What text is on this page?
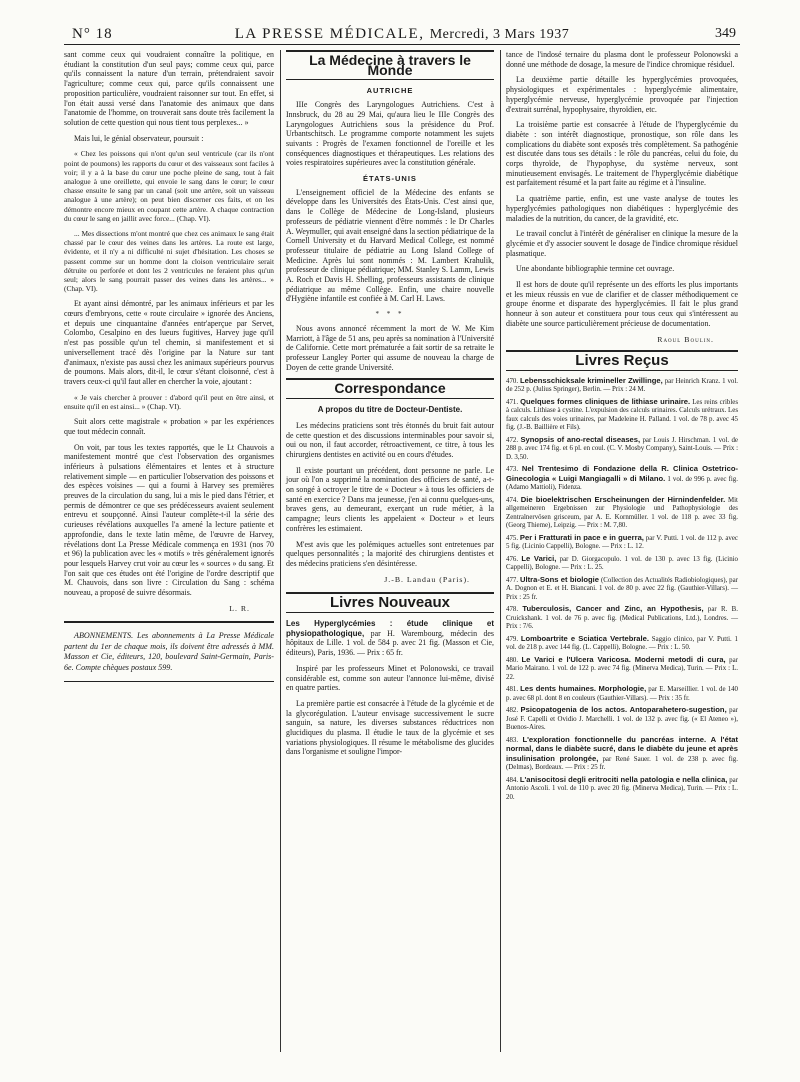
N° 18	LA PRESSE MÉDICALE, Mercredi, 3 Mars 1937	349

sant comme ceux qui voudraient connaître la politique, en étudiant la constitution d'un seul pays; comme ceux qui, parce qu'ils connaissent la nature d'un terrain, prétendraient savoir l'agriculture; comme ceux qui, parce qu'ils connaissent une proposition particulière, voudraient raisonner sur tout. En effet, si l'on était aussi versé dans l'anatomie des animaux que dans l'anatomie de l'homme, on trouverait sans doute très facilement la solution de cette question qui nous tient tous perplexes... »

Mais lui, le génial observateur, poursuit :

« Chez les poissons qui n'ont qu'un seul ventricule (car ils n'ont point de poumons) les rapports du cœur et des vaisseaux sont faciles à voir; il y a à la base du cœur une poche pleine de sang, tout à fait analogue à une oreillette, qui envoie le sang dans le cœur; le cœur chasse ensuite le sang par un canal (soit une artère, soit un vaisseau analogue à une artère); on peut bien discerner ces faits, et on les démontre encore mieux en coupant cette artère. A chaque contraction du cœur le sang en jaillit avec force... (Chap. VI).

... Mes dissections m'ont montré que chez ces animaux le sang était chassé par le cœur des veines dans les artères. La route est large, évidente, et il n'y a ni difficulté ni sujet d'hésitation. Les choses se passent comme sur un homme dont la cloison ventriculaire serait détruite ou perforée et dont les 2 ventricules ne feraient plus qu'un seul; alors le sang pourrait passer des veines dans les artères... » (Chap. VI).

Et ayant ainsi démontré, par les animaux inférieurs et par les cœurs d'embryons, cette « route circulaire » ignorée des Anciens, et depuis une cinquantaine d'années entr'aperçue par Servet, Colombo, Cesalpino en des lueurs fugitives, Harvey juge qu'il n'est pas possible qu'un tel chemin, si manifestement et si universellement tracé dès l'origine par la Nature sur tant d'animaux, n'existe pas aussi chez les animaux supérieurs pourvus de poumons. Mais alors, dit-il, le cœur s'étant cloisonné, c'est à travers ceux-ci qu'il faut aller en chercher la voie, ajoutant :

« Je vais chercher à prouver : d'abord qu'il peut en être ainsi, et ensuite qu'il en est ainsi... » (Chap. VI).

Suit alors cette magistrale « probation » par les expériences que tout médecin connaît.

On voit, par tous les textes rapportés, que le Lt Chauvois a manifestement montré que c'est l'observation des organismes inférieurs à pulsations élémentaires et lentes et à structure relativement simple — en particulier l'observation des poissons et des espèces voisines — qui a fourni à Harvey ses premières preuves de la circulation du sang, lui a mis le pied dans l'étrier, et permis de démontrer ce que ses prédécesseurs avaient seulement entrevu et soupçonné. Ainsi l'auteur complète-t-il la série des curieuses révélations auxquelles l'a amené la lecture patiente et approfondie, dans le texte latin même, de l'œuvre de Harvey, révélations dont La Presse Médicale commença en 1931 (nos 70 et 96) la publication avec les « motifs » très généralement ignorés pour lesquels Harvey crut voir au cœur les « sources » du sang. Et l'on sait que ces études ont été l'origine de l'ordre descriptif que M. Chauvois, dans son livre : Circulation du Sang : schéma nouveau, a proposé de suivre désormais.

L. R.

ABONNEMENTS. Les abonnements à La Presse Médicale partent du 1er de chaque mois, ils doivent être adressés à MM. Masson et Cie, éditeurs, 120, boulevard Saint-Germain, Paris-6e. Compte chèques postaux 599.

La Médecine à travers le Monde
AUTRICHE

IIIe Congrès des Laryngologues Autrichiens. C'est à Innsbruck, du 28 au 29 Mai, qu'aura lieu le IIIe Congrès des Laryngologues Autrichiens sous la présidence du Prof. Urbantschitsch. Le programme comporte notamment les sujets suivants : Progrès de l'examen fonctionnel de l'oreille et les conséquences diagnostiques et thérapeutiques. Les relations des voies respiratoires supérieures avec la constitution générale.

ÉTATS-UNIS

L'enseignement officiel de la Médecine des enfants se développe dans les Universités des États-Unis. C'est ainsi que, dans le Collège de Médecine de Long-Island, plusieurs professeurs de pédiatrie viennent d'être nommés : le Dr Charles A. Weymuller, qui avait enseigné dans la section pédiatrique de la Cornell University et du Harvard Medical College, est nommé professeur titulaire de pédiatrie au Long Island College of Medicine. Après lui sont nommés : M. Lambert Krahulik, professeur de clinique pédiatrique; MM. Stanley S. Lamm, Lewis A. Roch et Davis H. Shelling, professeurs assistants de clinique pédiatrique au même Collège. Enfin, une chaire nouvelle d'Hygiène infantile est confiée à M. Carl H. Laws.

* * *

Nous avons annoncé récemment la mort de W. Me Kim Marriott, à l'âge de 51 ans, peu après sa nomination à l'Université de Californie. Cette mort prématurée a fait sortir de sa retraite le professeur Langley Porter qui assume de nouveau la charge de Doyen de cette grande Université.

Correspondance
A propos du titre de Docteur-Dentiste.

Les médecins praticiens sont très étonnés du bruit fait autour de cette question et des discussions interminables pour savoir si, oui ou non, il faut accorder, rétroactivement, ce titre, à tous les chirurgiens dentistes en activité ou en cours d'études.

Il existe pourtant un précédent, dont personne ne parle. Le jour où l'on a supprimé la nomination des officiers de santé, a-t-on songé à octroyer le titre de « Docteur » à tous les officiers de santé en exercice ? Dans ma jeunesse, j'en ai connu quelques-uns, braves gens, au demeurant, exerçant un rude métier, à la campagne; leurs clients les appelaient « Docteur » et leurs confrères les estimaient.

M'est avis que les polémiques actuelles sont entretenues par quelques personnalités ; la majorité des chirurgiens dentistes et des médecins praticiens s'en désintéresse.

J.-B. Landau (Paris).
Livres Nouveaux

Les Hyperglycémies : étude clinique et physiopathologique, par H. Warembourg, médecin des hôpitaux de Lille. 1 vol. de 584 p. avec 21 fig. (Masson et Cie, éditeurs), Paris, 1936. — Prix : 65 fr.

Inspiré par les professeurs Minet et Polonowski, ce travail considérable est, comme son auteur l'annonce lui-même, divisé en quatre parties.

La première partie est consacrée à l'étude de la glycémie et de la glycorégulation. L'auteur envisage successivement le sucre sanguin, sa nature, les diverses substances réductrices non glucidiques du plasma. Il étudie le taux de la glycémie et ses variations physiologiques. Il résume le métabolisme des glucides dans l'organisme et souligne l'impor-

tance de l'indosé ternaire du plasma dont le professeur Polonowski a donné une méthode de dosage, la mesure de l'indice chromique résiduel.

La deuxième partie détaille les hyperglycémies provoquées, physiologiques et expérimentales : hyperglycémie alimentaire, hyperglycémie nerveuse, hyperglycémie provoquée par l'injection d'extrait surrénal, hypophysaire, thyroïdien, etc.

La troisième partie est consacrée à l'étude de l'hyperglycémie du diabète : son intérêt diagnostique, pronostique, son rôle dans les complications du diabète sont exposés très complètement. Sa pathogénie est discutée dans tous ses détails : le rôle du pancréas, celui du foie, du corps thyroïde, de l'hypophyse, du système nerveux, sont minutieusement envisagés. Le traitement de l'hyperglycémie diabétique est parfaitement résumé et la part faite au régime et à l'insuline.

La quatrième partie, enfin, est une vaste analyse de toutes les hyperglycémies pathologiques non diabétiques : hyperglycémie des maladies de la nutrition, du cancer, de la gravidité, etc.

Le travail conclut à l'intérêt de généraliser en clinique la mesure de la glycémie et d'y associer souvent le dosage de l'indice chromique résiduel plasmatique.

Une abondante bibliographie termine cet ouvrage.

Il est hors de doute qu'il représente un des efforts les plus importants et les mieux réussis en vue de clarifier et de classer méthodiquement ce groupe énorme et disparate des hyperglycémies. Il fait le plus grand honneur à son auteur et constituera pour tous ceux qui s'intéressent au diabète une source particulièrement précieuse de documentation.

Raoul Boulin.
Livres Reçus
470. Lebensschicksale krimineller Zwillinge, par Heinrich Kranz. 1 vol. de 252 p. (Julius Springer), Berlin. — Prix : 24 M.
471. Quelques formes cliniques de lithiase urinaire. Les reins cribles à calculs. Lithiase à cystine. L'expulsion des calculs urinaires. Calculs urétraux. Les faux calculs des voies urinaires, par Madeleine H. Palland. 1 vol. de 78 p. avec 45 fig. (J.-B. Baillière et Fils).
472. Synopsis of ano-rectal diseases, par Louis J. Hirschman. 1 vol. de 288 p. avec 174 fig. et 6 pl. en coul. (C. V. Mosby Company), Saint-Louis. — Prix : D. 3,50.
473. Nel Trentesimo di Fondazione della R. Clinica Ostetrico-Ginecologia « Luigi Mangiagalli » di Milano. 1 vol. de 996 p. avec fig. (Adamo Mattioli), Fidenza.
474. Die bioelektrischen Erscheinungen der Hirnindenfelder. Mit allgemeineren Ergebnissen zur Physiologie und Pathophysiologie des Zentralnervösen grisceum, par A. E. Kornmüller. 1 vol. de 118 p. avec 33 fig. (Georg Thieme), Leipzig. — Prix : M. 7,80.
475. Per i Fratturati in pace e in guerra, par V. Putti. 1 vol. de 112 p. avec 5 fig. (Licinio Cappelli), Bologne. — Prix : L. 12.
476. Le Varici, par D. Giorgacopulo. 1 vol. de 130 p. avec 13 fig. (Licinio Cappelli), Bologne. — Prix : L. 25.
477. Ultra-Sons et biologie (Collection des Actualités Radiobiologiques), par A. Dognon et E. et H. Biancani. 1 vol. de 80 p. avec 22 fig. (Gauthier-Villars). — Prix : 25 fr.
478. Tuberculosis, Cancer and Zinc, an Hypothesis, par R. B. Cruickshank. 1 vol. de 76 p. avec fig. (Medical Publications, Ltd.), Londres. — Prix : 7/6.
479. Lomboartrite e Sciatica Vertebrale. Saggio clinico, par V. Putti. 1 vol. de 218 p. avec 144 fig. (L. Cappelli), Bologne. — Prix : L. 50.
480. Le Varici e l'Ulcera Varicosa. Moderni metodi di cura, par Mario Mairano. 1 vol. de 122 p. avec 74 fig. (Minerva Medica), Turin. — Prix : L. 22.
481. Les dents humaines. Morphologie, par E. Marseillier. 1 vol. de 140 p. avec 68 pl. dont 8 en couleurs (Gauthier-Villars). — Prix : 35 fr.
482. Psicopatogenia de los actos. Antoparahetero-sugestion, par José F. Capelli et Ovidio J. Marchelli. 1 vol. de 132 p. avec fig. (« El Ateneo »), Buenos-Aires.
483. L'exploration fonctionnelle du pancréas interne. A l'état normal, dans le diabète sucré, dans le diabète du jeune et après insulinisation prolongée, par René Sauer. 1 vol. de 238 p. avec fig. (Delmas), Bordeaux. — Prix : 25 fr.
484. L'anisocitosi degli eritrociti nella patologia e nella clinica, par Antonio Ascoli. 1 vol. de 110 p. avec 20 fig. (Minerva Medica), Turin. — Prix : L. 20.
